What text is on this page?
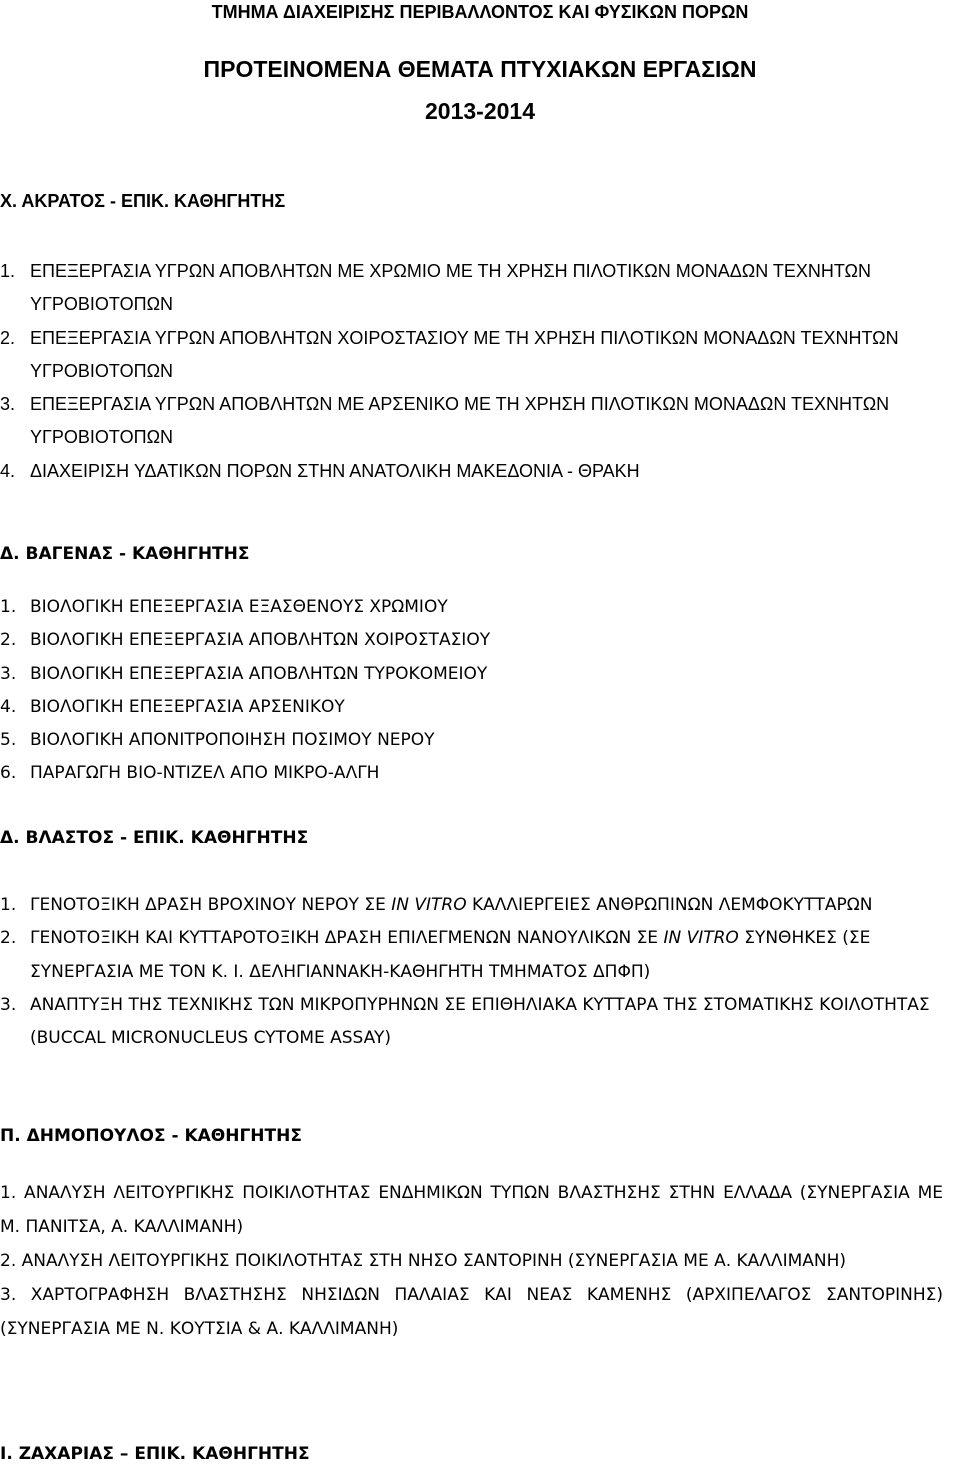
ΤΜΗΜΑ ΔΙΑΧΕΙΡΙΣΗΣ ΠΕΡΙΒΑΛΛΟΝΤΟΣ ΚΑΙ ΦΥΣΙΚΩΝ ΠΟΡΩΝ

ΠΡΟΤΕΙΝΟΜΕΝΑ ΘΕΜΑΤΑ ΠΤΥΧΙΑΚΩΝ ΕΡΓΑΣΙΩΝ

2013-2014

Χ. ΑΚΡΑΤΟΣ - ΕΠΙΚ. ΚΑΘΗΓΗΤΗΣ

1. ΕΠΕΞΕΡΓΑΣΙΑ ΥΓΡΩΝ ΑΠΟΒΛΗΤΩΝ ΜΕ ΧΡΩΜΙΟ ΜΕ ΤΗ ΧΡΗΣΗ ΠΙΛΟΤΙΚΩΝ ΜΟΝΑΔΩΝ ΤΕΧΝΗΤΩΝ ΥΓΡΟΒΙΟΤΟΠΩΝ
2. ΕΠΕΞΕΡΓΑΣΙΑ ΥΓΡΩΝ ΑΠΟΒΛΗΤΩΝ ΧΟΙΡΟΣΤΑΣΙΟΥ ΜΕ ΤΗ ΧΡΗΣΗ ΠΙΛΟΤΙΚΩΝ ΜΟΝΑΔΩΝ ΤΕΧΝΗΤΩΝ ΥΓΡΟΒΙΟΤΟΠΩΝ
3. ΕΠΕΞΕΡΓΑΣΙΑ ΥΓΡΩΝ ΑΠΟΒΛΗΤΩΝ ΜΕ ΑΡΣΕΝΙΚΟ ΜΕ ΤΗ ΧΡΗΣΗ ΠΙΛΟΤΙΚΩΝ ΜΟΝΑΔΩΝ ΤΕΧΝΗΤΩΝ ΥΓΡΟΒΙΟΤΟΠΩΝ
4. ΔΙΑΧΕΙΡΙΣΗ ΥΔΑΤΙΚΩΝ ΠΟΡΩΝ ΣΤΗΝ ΑΝΑΤΟΛΙΚΗ ΜΑΚΕΔΟΝΙΑ - ΘΡΑΚΗ

Δ. ΒΑΓΕΝΑΣ - ΚΑΘΗΓΗΤΗΣ

1. ΒΙΟΛΟΓΙΚΗ ΕΠΕΞΕΡΓΑΣΙΑ ΕΞΑΣΘΕΝΟΥΣ ΧΡΩΜΙΟΥ
2. ΒΙΟΛΟΓΙΚΗ ΕΠΕΞΕΡΓΑΣΙΑ ΑΠΟΒΛΗΤΩΝ ΧΟΙΡΟΣΤΑΣΙΟΥ
3. ΒΙΟΛΟΓΙΚΗ ΕΠΕΞΕΡΓΑΣΙΑ ΑΠΟΒΛΗΤΩΝ ΤΥΡΟΚΟΜΕΙΟΥ
4. ΒΙΟΛΟΓΙΚΗ ΕΠΕΞΕΡΓΑΣΙΑ ΑΡΣΕΝΙΚΟΥ
5. ΒΙΟΛΟΓΙΚΗ ΑΠΟΝΙΤΡΟΠΟΙΗΣΗ ΠΟΣΙΜΟΥ ΝΕΡΟΥ
6. ΠΑΡΑΓΩΓΗ ΒΙΟ-ΝΤΙΖΕΛ ΑΠΟ ΜΙΚΡΟ-ΑΛΓΗ

Δ. ΒΛΑΣΤΟΣ - ΕΠΙΚ. ΚΑΘΗΓΗΤΗΣ

1. ΓΕΝΟΤΟΞΙΚΗ ΔΡΑΣΗ ΒΡΟΧΙΝΟΥ ΝΕΡΟΥ ΣΕ IN VITRO ΚΑΛΛΙΕΡΓΕΙΕΣ ΑΝΘΡΩΠΙΝΩΝ ΛΕΜΦΟΚΥΤΤΑΡΩΝ
2. ΓΕΝΟΤΟΞΙΚΗ ΚΑΙ ΚΥΤΤΑΡΟΤΟΞΙΚΗ ΔΡΑΣΗ ΕΠΙΛΕΓΜΕΝΩΝ ΝΑΝΟΥΛΙΚΩΝ ΣΕ IN VITRO ΣΥΝΘΗΚΕΣ (ΣΕ ΣΥΝΕΡΓΑΣΙΑ ΜΕ ΤΟΝ Κ. Ι. ΔΕΛΗΓΙΑΝΝΑΚΗ-ΚΑΘΗΓΗΤΗ ΤΜΗΜΑΤΟΣ ΔΠΦΠ)
3. ΑΝΑΠΤΥΞΗ ΤΗΣ ΤΕΧΝΙΚΗΣ ΤΩΝ ΜΙΚΡΟΠΥΡΗΝΩΝ ΣΕ ΕΠΙΘΗΛΙΑΚΑ ΚΥΤΤΑΡΑ ΤΗΣ ΣΤΟΜΑΤΙΚΗΣ ΚΟΙΛΟΤΗΤΑΣ (BUCCAL MICRONUCLEUS CYTOME ASSAY)

Π. ΔΗΜΟΠΟΥΛΟΣ - ΚΑΘΗΓΗΤΗΣ

1. ΑΝΑΛΥΣΗ ΛΕΙΤΟΥΡΓΙΚΗΣ ΠΟΙΚΙΛΟΤΗΤΑΣ ΕΝΔΗΜΙΚΩΝ ΤΥΠΩΝ ΒΛΑΣΤΗΣΗΣ ΣΤΗΝ ΕΛΛΑΔΑ (ΣΥΝΕΡΓΑΣΙΑ ΜΕ Μ. ΠΑΝΙΤΣΑ, Α. ΚΑΛΛΙΜΑΝΗ)
2. ΑΝΑΛΥΣΗ ΛΕΙΤΟΥΡΓΙΚΗΣ ΠΟΙΚΙΛΟΤΗΤΑΣ ΣΤΗ ΝΗΣΟ ΣΑΝΤΟΡΙΝΗ (ΣΥΝΕΡΓΑΣΙΑ ΜΕ Α. ΚΑΛΛΙΜΑΝΗ)
3. ΧΑΡΤΟΓΡΑΦΗΣΗ ΒΛΑΣΤΗΣΗΣ ΝΗΣΙΔΩΝ ΠΑΛΑΙΑΣ ΚΑΙ ΝΕΑΣ ΚΑΜΕΝΗΣ (ΑΡΧΙΠΕΛΑΓΟΣ ΣΑΝΤΟΡΙΝΗΣ) (ΣΥΝΕΡΓΑΣΙΑ ΜΕ Ν. ΚΟΥΤΣΙΑ & Α. ΚΑΛΛΙΜΑΝΗ)

Ι. ΖΑΧΑΡΙΑΣ – ΕΠΙΚ. ΚΑΘΗΓΗΤΗΣ
